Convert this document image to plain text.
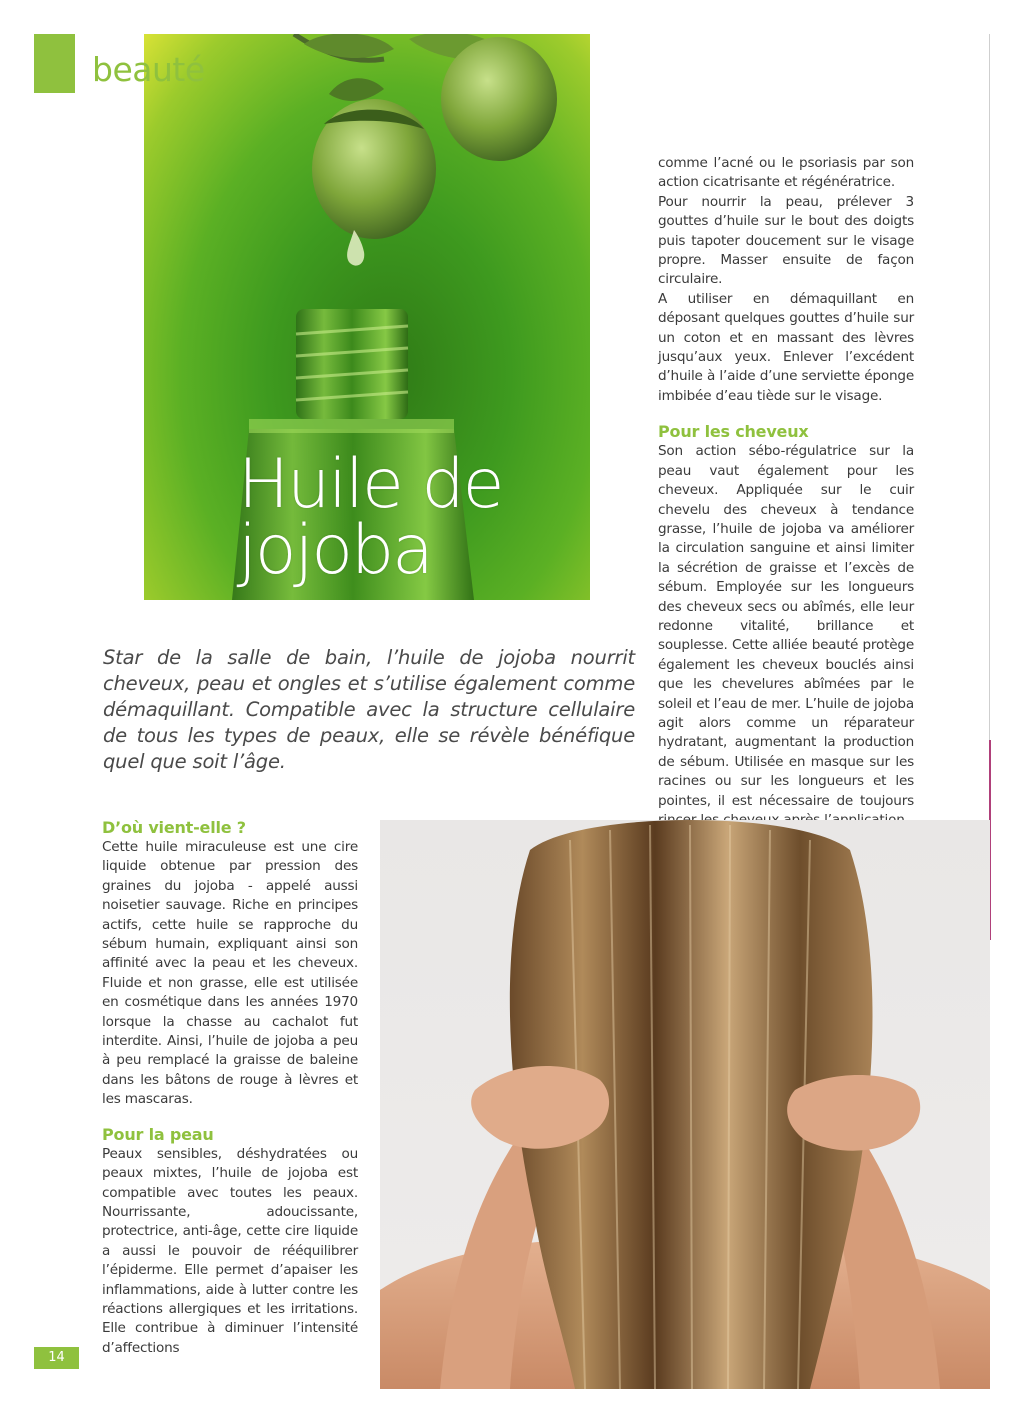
beauté
Huile de
jojoba
Star de la salle de bain, l’huile de jojoba nourrit cheveux, peau et ongles et s’utilise également comme démaquillant. Compatible avec la structure cellulaire de tous les types de peaux, elle se révèle bénéfique quel que soit l’âge.

comme l’acné ou le psoriasis par son action cicatrisante et régénératrice.

Pour nourrir la peau, prélever 3 gouttes d’huile sur le bout des doigts puis tapoter doucement sur le visage propre. Masser ensuite de façon circulaire.

A utiliser en démaquillant en déposant quelques gouttes d’huile sur un coton et en massant des lèvres jusqu’aux yeux. Enlever l’excédent d’huile à l’aide d’une serviette éponge imbibée d’eau tiède sur le visage.

Pour les cheveux

Son action sébo-régulatrice sur la peau vaut également pour les cheveux. Appliquée sur le cuir chevelu des cheveux à tendance grasse, l’huile de jojoba va améliorer la circulation sanguine et ainsi limiter la sécrétion de graisse et l’excès de sébum. Employée sur les longueurs des cheveux secs ou abîmés, elle leur redonne vitalité, brillance et souplesse. Cette alliée beauté protège également les cheveux bouclés ainsi que les chevelures abîmées par le soleil et l’eau de mer. L’huile de jojoba agit alors comme un réparateur hydratant, augmentant la production de sébum. Utilisée en masque sur les racines ou sur les longueurs et les pointes, il est nécessaire de toujours

D’où vient-elle ?

Cette huile miraculeuse est une cire liquide obtenue par pression des graines du jojoba - appelé aussi noisetier sauvage. Riche en principes actifs, cette huile se rapproche du sébum humain, expliquant ainsi son affinité avec la peau et les cheveux. Fluide et non grasse, elle est utilisée en cosmétique dans les années 1970 lorsque la chasse au cachalot fut interdite. Ainsi, l’huile de jojoba a peu à peu remplacé la graisse de baleine dans les bâtons de rouge à lèvres et les mascaras.

Pour la peau

Peaux sensibles, déshydratées ou peaux mixtes, l’huile de jojoba est compatible avec toutes les peaux. Nourrissante, adoucissante, protectrice, anti-âge, cette cire liquide a aussi le pouvoir de rééquilibrer l’épiderme. Elle permet d’apaiser les inflammations, aide à lutter contre les réactions allergiques et les irritations. Elle contribue à diminuer l’intensité d’affections

14
